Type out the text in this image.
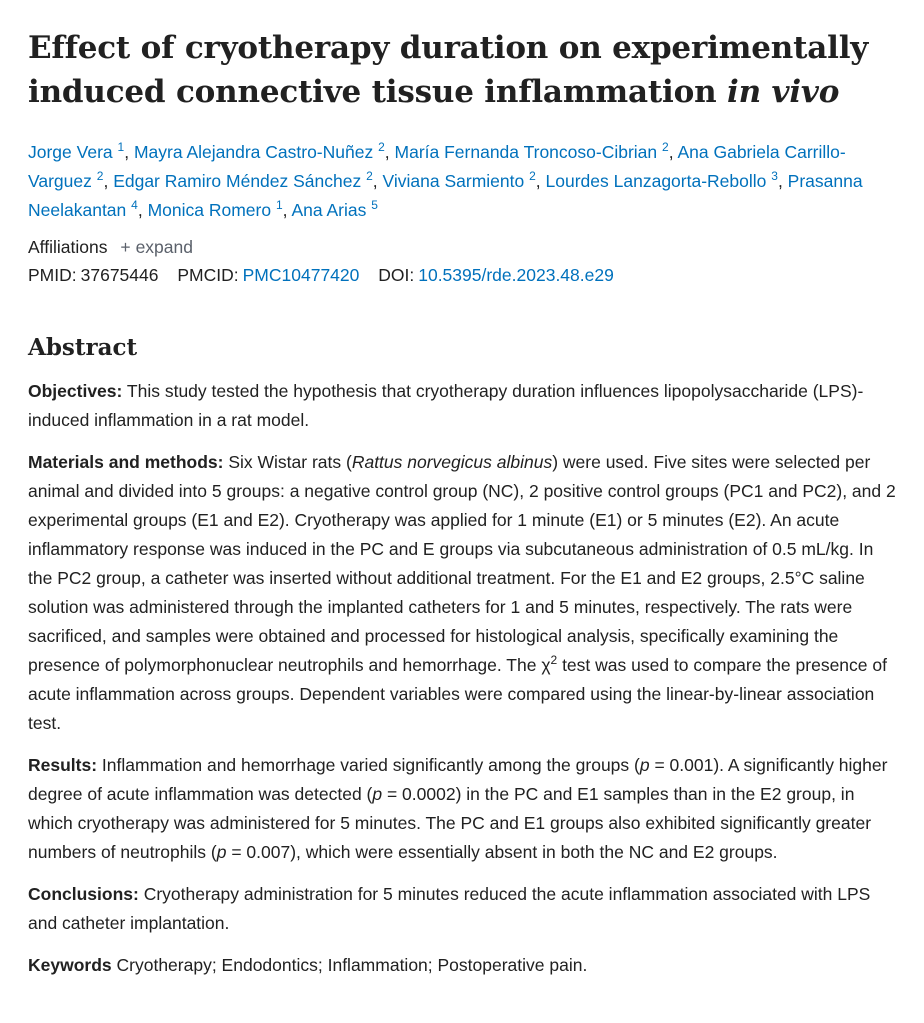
Effect of cryotherapy duration on experimentally induced connective tissue inflammation in vivo
Jorge Vera $^1$, Mayra Alejandra Castro-Nuñez $^2$, María Fernanda Troncoso-Cibrian $^2$, Ana Gabriela Carrillo-Varguez $^2$, Edgar Ramiro Méndez Sánchez $^2$, Viviana Sarmiento $^2$, Lourdes Lanzagorta-Rebollo $^3$, Prasanna Neelakantan $^4$, Monica Romero $^1$, Ana Arias $^5$
Affiliations + expand
PMID: 37675446 PMCID: PMC10477420 DOI: 10.5395/rde.2023.48.e29
Abstract

Objectives: This study tested the hypothesis that cryotherapy duration influences lipopolysaccharide (LPS)-induced inflammation in a rat model.

Materials and methods: Six Wistar rats (Rattus norvegicus albinus) were used. Five sites were selected per animal and divided into 5 groups: a negative control group (NC), 2 positive control groups (PC1 and PC2), and 2 experimental groups (E1 and E2). Cryotherapy was applied for 1 minute (E1) or 5 minutes (E2). An acute inflammatory response was induced in the PC and E groups via subcutaneous administration of 0.5 mL/kg. In the PC2 group, a catheter was inserted without additional treatment. For the E1 and E2 groups, 2.5°C saline solution was administered through the implanted catheters for 1 and 5 minutes, respectively. The rats were sacrificed, and samples were obtained and processed for histological analysis, specifically examining the presence of polymorphonuclear neutrophils and hemorrhage. The $\chi^2$ test was used to compare the presence of acute inflammation across groups. Dependent variables were compared using the linear-by-linear association test.

Results: Inflammation and hemorrhage varied significantly among the groups (p = 0.001). A significantly higher degree of acute inflammation was detected (p = 0.0002) in the PC and E1 samples than in the E2 group, in which cryotherapy was administered for 5 minutes. The PC and E1 groups also exhibited significantly greater numbers of neutrophils (p = 0.007), which were essentially absent in both the NC and E2 groups.

Conclusions: Cryotherapy administration for 5 minutes reduced the acute inflammation associated with LPS and catheter implantation.

Keywords Cryotherapy; Endodontics; Inflammation; Postoperative pain.
